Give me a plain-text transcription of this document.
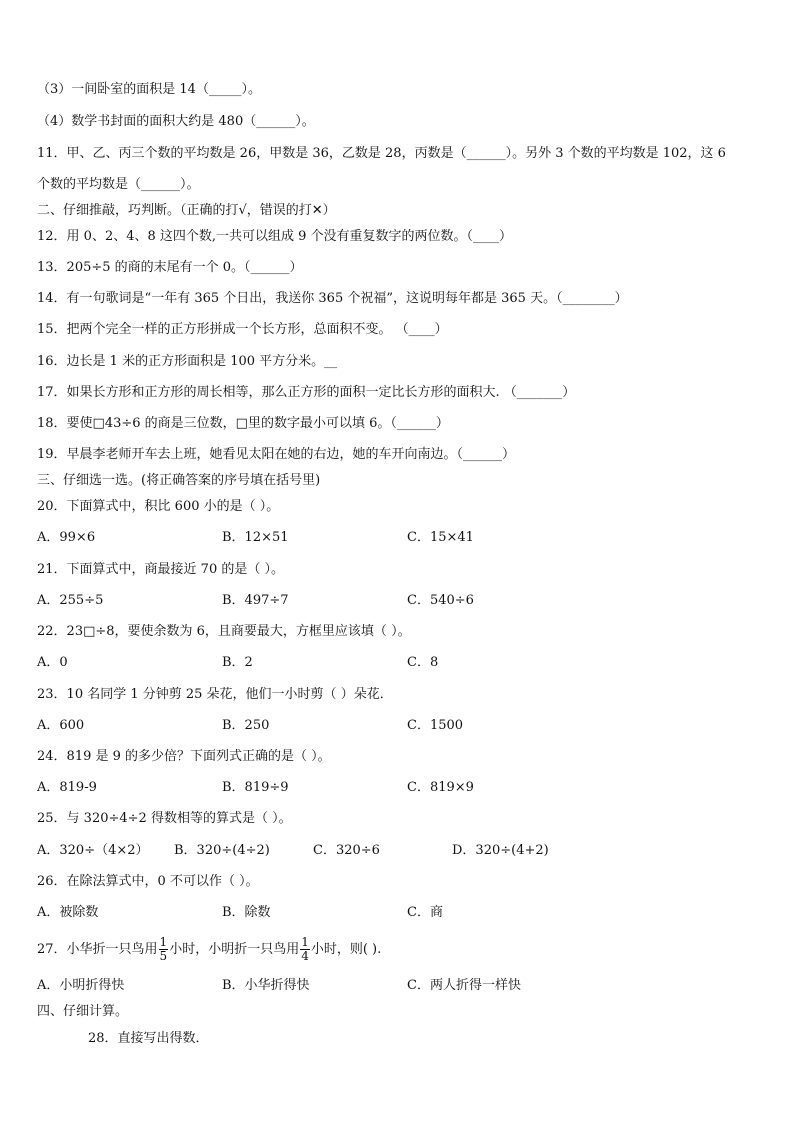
（3）一间卧室的面积是 14（_____）。
（4）数学书封面的面积大约是 480（______）。
11．甲、乙、丙三个数的平均数是 26，甲数是 36，乙数是 28，丙数是（______）。另外 3 个数的平均数是 102，这 6
个数的平均数是（______）。
二、仔细推敲，巧判断。（正确的打√，错误的打✕）
12．用 0、2、4、8 这四个数,一共可以组成 9 个没有重复数字的两位数。（____）
13．205÷5 的商的末尾有一个 0。（______）
14．有一句歌词是“一年有 365 个日出，我送你 365 个祝福”，这说明每年都是 365 天。（________）
15．把两个完全一样的正方形拼成一个长方形，总面积不变。 （____）
16．边长是 1 米的正方形面积是 100 平方分米。__
17．如果长方形和正方形的周长相等，那么正方形的面积一定比长方形的面积大. （_______）
18．要使□43÷6 的商是三位数，□里的数字最小可以填 6。（______）
19．早晨李老师开车去上班，她看见太阳在她的右边，她的车开向南边。（______）
三、仔细选一选。(将正确答案的序号填在括号里)
20．下面算式中，积比 600 小的是（ ）。
A．99×6	B．12×51	C．15×41
21．下面算式中，商最接近 70 的是（ ）。
A．255÷5	B．497÷7	C．540÷6
22．23□÷8，要使余数为 6，且商要最大，方框里应该填（ ）。
A．0	B．2	C．8
23．10 名同学 1 分钟剪 25 朵花，他们一小时剪（ ）朵花．
A．600	B．250	C．1500
24．819 是 9 的多少倍？下面列式正确的是（ ）。
A．819-9	B．819÷9	C．819×9
25．与 320÷4÷2 得数相等的算式是（ ）。
A．320÷（4×2） B．320÷(4÷2)	C．320÷6	D．320÷(4+2)
26．在除法算式中，0 不可以作（ ）。
A．被除数	B．除数	C．商
27．小华折一只鸟用 $\frac{1}{5}$ 小时，小明折一只鸟用 $\frac{1}{4}$ 小时，则( ).
A．小明折得快	B．小华折得快	C．两人折得一样快
四、仔细计算。
28．直接写出得数．
